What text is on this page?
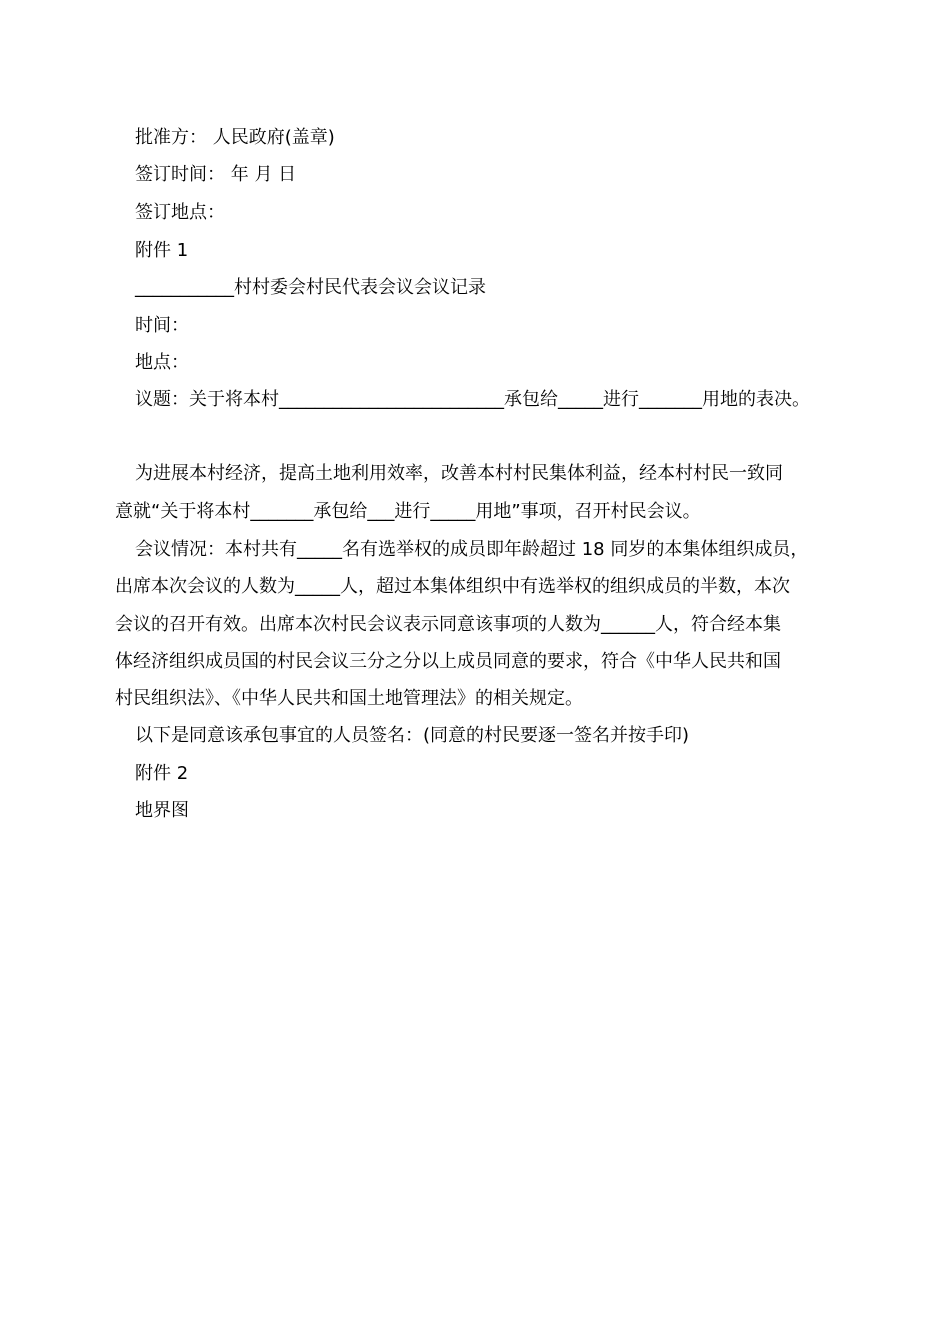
批准方： 人民政府(盖章)
签订时间： 年 月 日
签订地点：
附件 1
___________村村委会村民代表会议会议记录
时间：
地点：
议题：关于将本村_________________________承包给_____进行_______用地的表决。
为进展本村经济，提高土地利用效率，改善本村村民集体利益，经本村村民一致同
意就“关于将本村_______承包给___进行_____用地”事项，召开村民会议。
会议情况：本村共有_____名有选举权的成员即年龄超过 18 同岁的本集体组织成员，
出席本次会议的人数为_____人，超过本集体组织中有选举权的组织成员的半数，本次
会议的召开有效。出席本次村民会议表示同意该事项的人数为______人，符合经本集
体经济组织成员国的村民会议三分之分以上成员同意的要求，符合《中华人民共和国
村民组织法》、《中华人民共和国土地管理法》的相关规定。
以下是同意该承包事宜的人员签名：(同意的村民要逐一签名并按手印)
附件 2
地界图
